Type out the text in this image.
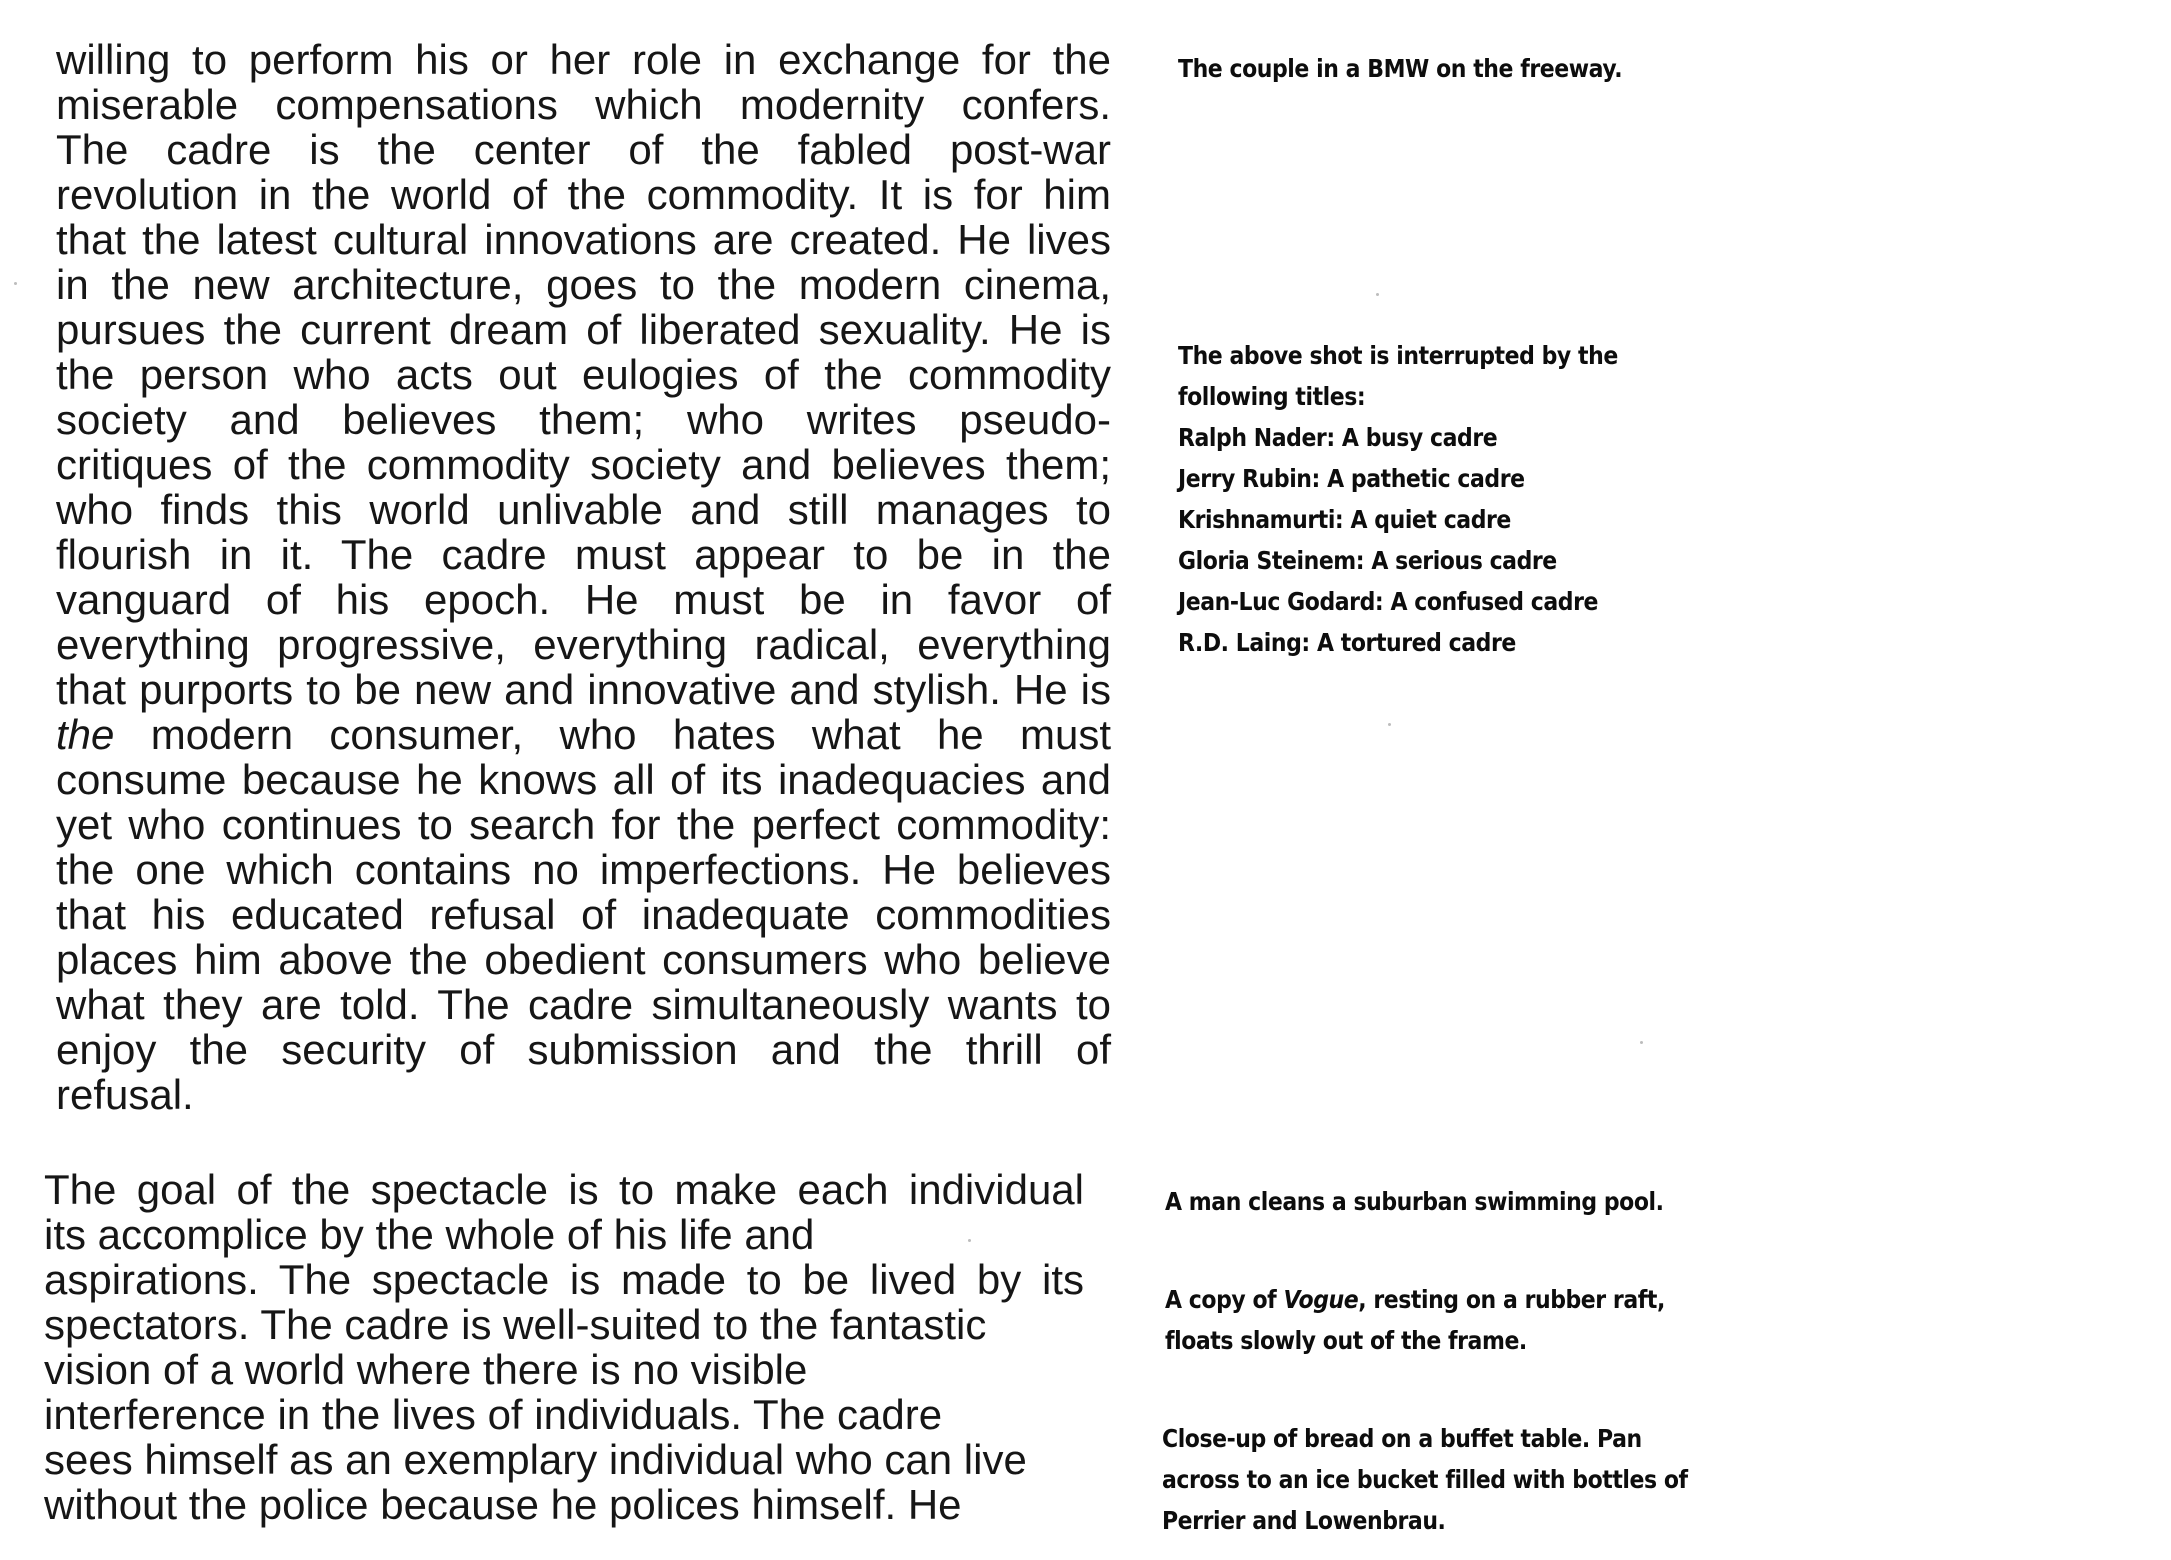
willing to perform his or her role in exchange for the
miserable compensations which modernity confers.
The cadre is the center of the fabled post-war
revolution in the world of the commodity. It is for him
that the latest cultural innovations are created. He lives
in the new architecture, goes to the modern cinema,
pursues the current dream of liberated sexuality. He is
the person who acts out eulogies of the commodity
society and believes them; who writes pseudo-
critiques of the commodity society and believes them;
who finds this world unlivable and still manages to
flourish in it. The cadre must appear to be in the
vanguard of his epoch. He must be in favor of
everything progressive, everything radical, everything
that purports to be new and innovative and stylish. He is
the modern consumer, who hates what he must
consume because he knows all of its inadequacies and
yet who continues to search for the perfect commodity:
the one which contains no imperfections. He believes
that his educated refusal of inadequate commodities
places him above the obedient consumers who believe
what they are told. The cadre simultaneously wants to
enjoy the security of submission and the thrill of
refusal.
The goal of the spectacle is to make each individual
its accomplice by the whole of his life and
aspirations. The spectacle is made to be lived by its
spectators. The cadre is well-suited to the fantastic
vision of a world where there is no visible
interference in the lives of individuals. The cadre
sees himself as an exemplary individual who can live
without the police because he polices himself. He
The couple in a BMW on the freeway.
The above shot is interrupted by the
following titles:
Ralph Nader: A busy cadre
Jerry Rubin: A pathetic cadre
Krishnamurti: A quiet cadre
Gloria Steinem: A serious cadre
Jean-Luc Godard: A confused cadre
R.D. Laing: A tortured cadre
A man cleans a suburban swimming pool.
A copy of Vogue, resting on a rubber raft,
floats slowly out of the frame.
Close-up of bread on a buffet table. Pan
across to an ice bucket filled with bottles of
Perrier and Lowenbrau.
